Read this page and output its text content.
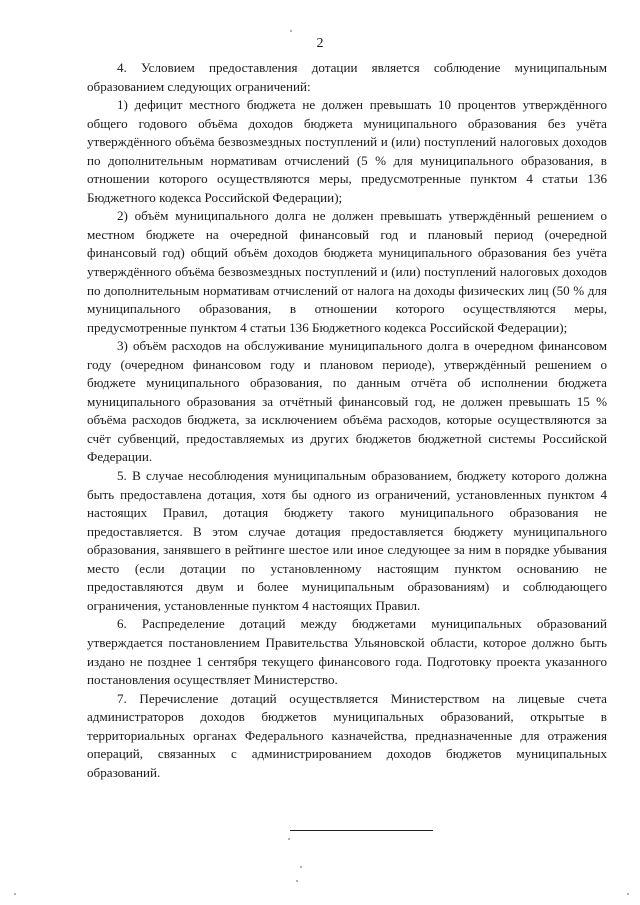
2

4. Условием предоставления дотации является соблюдение муниципальным образованием следующих ограничений:

1) дефицит местного бюджета не должен превышать 10 процентов утверждённого общего годового объёма доходов бюджета муниципального образования без учёта утверждённого объёма безвозмездных поступлений и (или) поступлений налоговых доходов по дополнительным нормативам отчислений (5 % для муниципального образования, в отношении которого осуществляются меры, предусмотренные пунктом 4 статьи 136 Бюджетного кодекса Российской Федерации);

2) объём муниципального долга не должен превышать утверждённый решением о местном бюджете на очередной финансовый год и плановый период (очередной финансовый год) общий объём доходов бюджета муниципального образования без учёта утверждённого объёма безвозмездных поступлений и (или) поступлений налоговых доходов по дополнительным нормативам отчислений от налога на доходы физических лиц (50 % для муниципального образования, в отношении которого осуществляются меры, предусмотренные пунктом 4 статьи 136 Бюджетного кодекса Российской Федерации);

3) объём расходов на обслуживание муниципального долга в очередном финансовом году (очередном финансовом году и плановом периоде), утверждённый решением о бюджете муниципального образования, по данным отчёта об исполнении бюджета муниципального образования за отчётный финансовый год, не должен превышать 15 % объёма расходов бюджета, за исключением объёма расходов, которые осуществляются за счёт субвенций, предоставляемых из других бюджетов бюджетной системы Российской Федерации.

5. В случае несоблюдения муниципальным образованием, бюджету которого должна быть предоставлена дотация, хотя бы одного из ограничений, установленных пунктом 4 настоящих Правил, дотация бюджету такого муниципального образования не предоставляется. В этом случае дотация предоставляется бюджету муниципального образования, занявшего в рейтинге шестое или иное следующее за ним в порядке убывания место (если дотации по установленному настоящим пунктом основанию не предоставляются двум и более муниципальным образованиям) и соблюдающего ограничения, установленные пунктом 4 настоящих Правил.

6. Распределение дотаций между бюджетами муниципальных образований утверждается постановлением Правительства Ульяновской области, которое должно быть издано не позднее 1 сентября текущего финансового года. Подготовку проекта указанного постановления осуществляет Министерство.

7. Перечисление дотаций осуществляется Министерством на лицевые счета администраторов доходов бюджетов муниципальных образований, открытые в территориальных органах Федерального казначейства, предназначенные для отражения операций, связанных с администрированием доходов бюджетов муниципальных образований.
